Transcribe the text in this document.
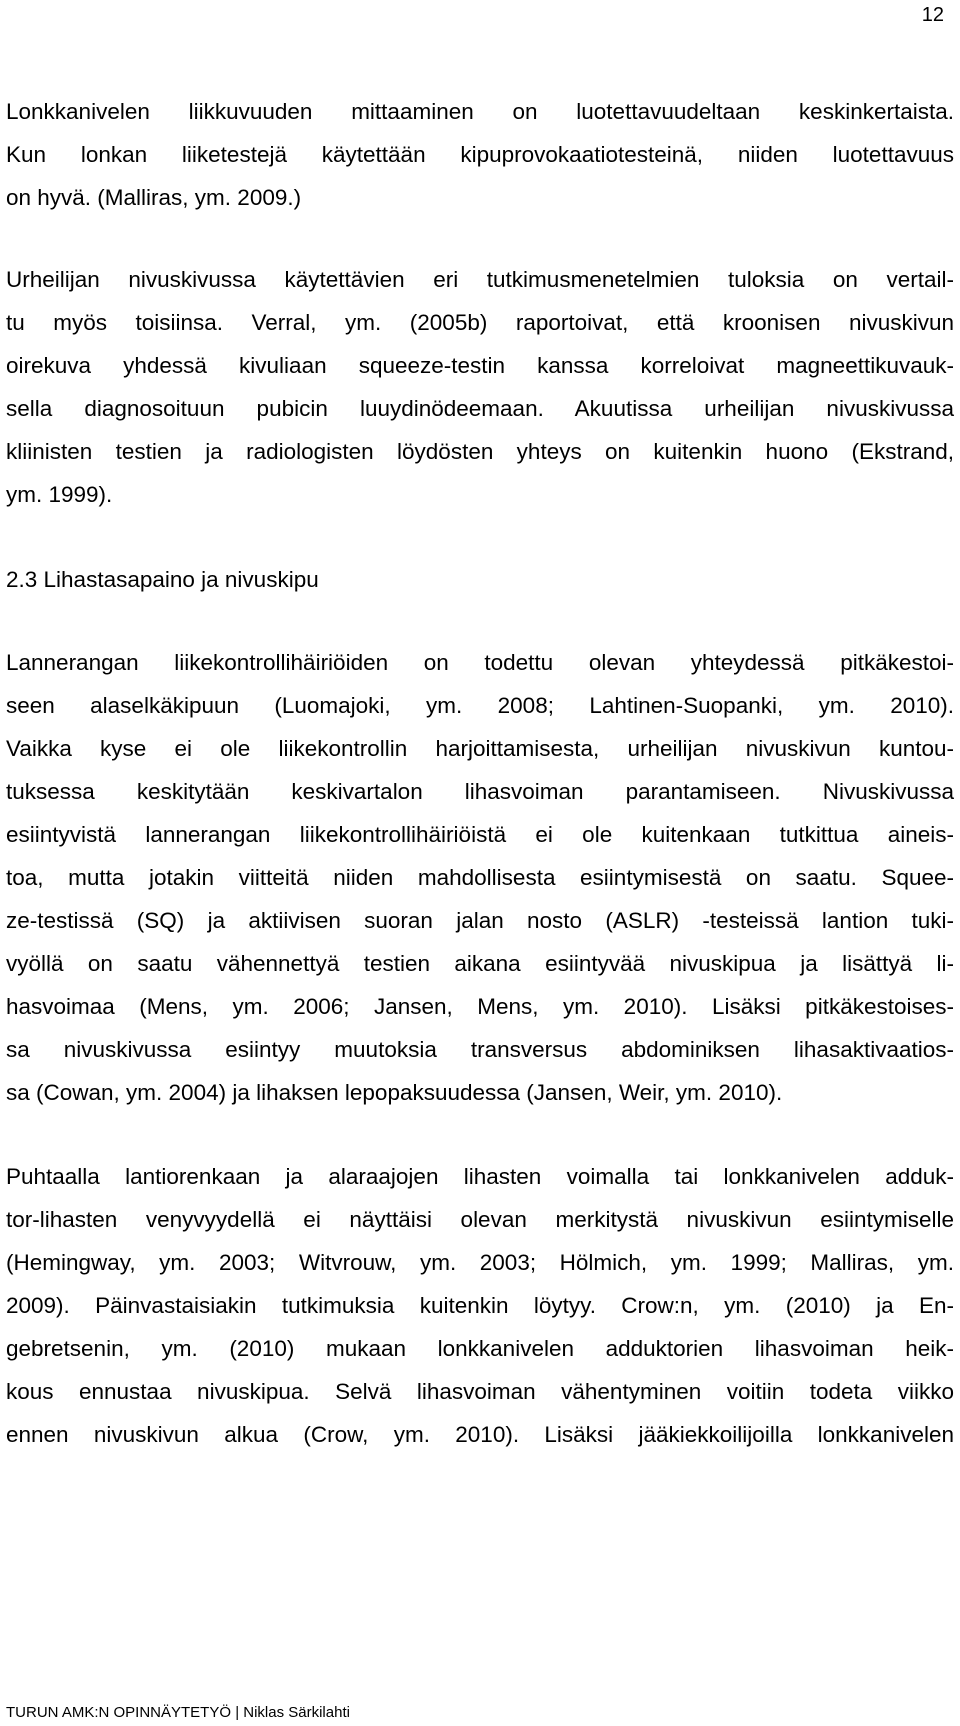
12
Lonkkanivelen liikkuvuuden mittaaminen on luotettavuudeltaan keskinkertaista.
Kun lonkan liiketestejä käytettään kipuprovokaatiotesteinä, niiden luotettavuus
on hyvä. (Malliras, ym. 2009.)
Urheilijan nivuskivussa käytettävien eri tutkimusmenetelmien tuloksia on vertail-
tu myös toisiinsa. Verral, ym. (2005b) raportoivat, että kroonisen nivuskivun
oirekuva yhdessä kivuliaan squeeze-testin kanssa korreloivat magneettikuvauk-
sella diagnosoituun pubicin luuydinödeemaan. Akuutissa urheilijan nivuskivussa
kliinisten testien ja radiologisten löydösten yhteys on kuitenkin huono (Ekstrand,
ym. 1999).
2.3 Lihastasapaino ja nivuskipu
Lannerangan liikekontrollihäiriöiden on todettu olevan yhteydessä pitkäkestoi-
seen alaselkäkipuun (Luomajoki, ym. 2008; Lahtinen-Suopanki, ym. 2010).
Vaikka kyse ei ole liikekontrollin harjoittamisesta, urheilijan nivuskivun kuntou-
tuksessa keskitytään keskivartalon lihasvoiman parantamiseen. Nivuskivussa
esiintyvistä lannerangan liikekontrollihäiriöistä ei ole kuitenkaan tutkittua aineis-
toa, mutta jotakin viitteitä niiden mahdollisesta esiintymisestä on saatu. Squee-
ze-testissä (SQ) ja aktiivisen suoran jalan nosto (ASLR) -testeissä lantion tuki-
vyöllä on saatu vähennettyä testien aikana esiintyvää nivuskipua ja lisättyä li-
hasvoimaa (Mens, ym. 2006; Jansen, Mens, ym. 2010). Lisäksi pitkäkestoises-
sa nivuskivussa esiintyy muutoksia transversus abdominiksen lihasaktivaatios-
sa (Cowan, ym. 2004) ja lihaksen lepopaksuudessa (Jansen, Weir, ym. 2010).
Puhtaalla lantiorenkaan ja alaraajojen lihasten voimalla tai lonkkanivelen adduk-
tor-lihasten venyvyydellä ei näyttäisi olevan merkitystä nivuskivun esiintymiselle
(Hemingway, ym. 2003; Witvrouw, ym. 2003; Hölmich, ym. 1999; Malliras, ym.
2009). Päinvastaisiakin tutkimuksia kuitenkin löytyy. Crow:n, ym. (2010) ja En-
gebretsenin, ym. (2010) mukaan lonkkanivelen adduktorien lihasvoiman heik-
kous ennustaa nivuskipua. Selvä lihasvoiman vähentyminen voitiin todeta viikko
ennen nivuskivun alkua (Crow, ym. 2010). Lisäksi jääkiekkoilijoilla lonkkanivelen
TURUN AMK:N OPINNÄYTETYÖ | Niklas Särkilahti
